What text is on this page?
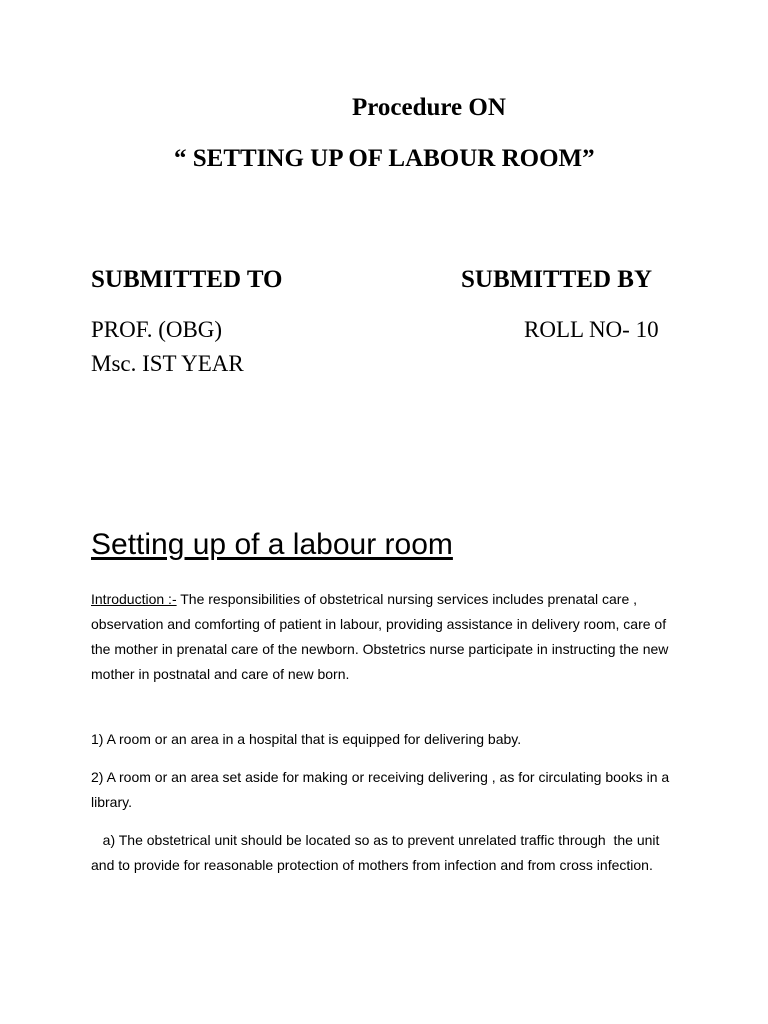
Procedure ON
“ SETTING UP OF LABOUR ROOM”
SUBMITTED TO	SUBMITTED BY
PROF. (OBG)
Msc. IST YEAR
ROLL NO- 10
Setting up of a labour room

Introduction :- The responsibilities of obstetrical nursing services includes prenatal care , observation and comforting of patient in labour, providing assistance in delivery room, care of the mother in prenatal care of the newborn. Obstetrics nurse participate in instructing the new mother in postnatal and care of new born.

1) A room or an area in a hospital that is equipped for delivering baby.

2) A room or an area set aside for making or receiving delivering , as for circulating books in a library.

a) The obstetrical unit should be located so as to prevent unrelated traffic through  the unit  and to provide for reasonable protection of mothers from infection and from cross infection.
